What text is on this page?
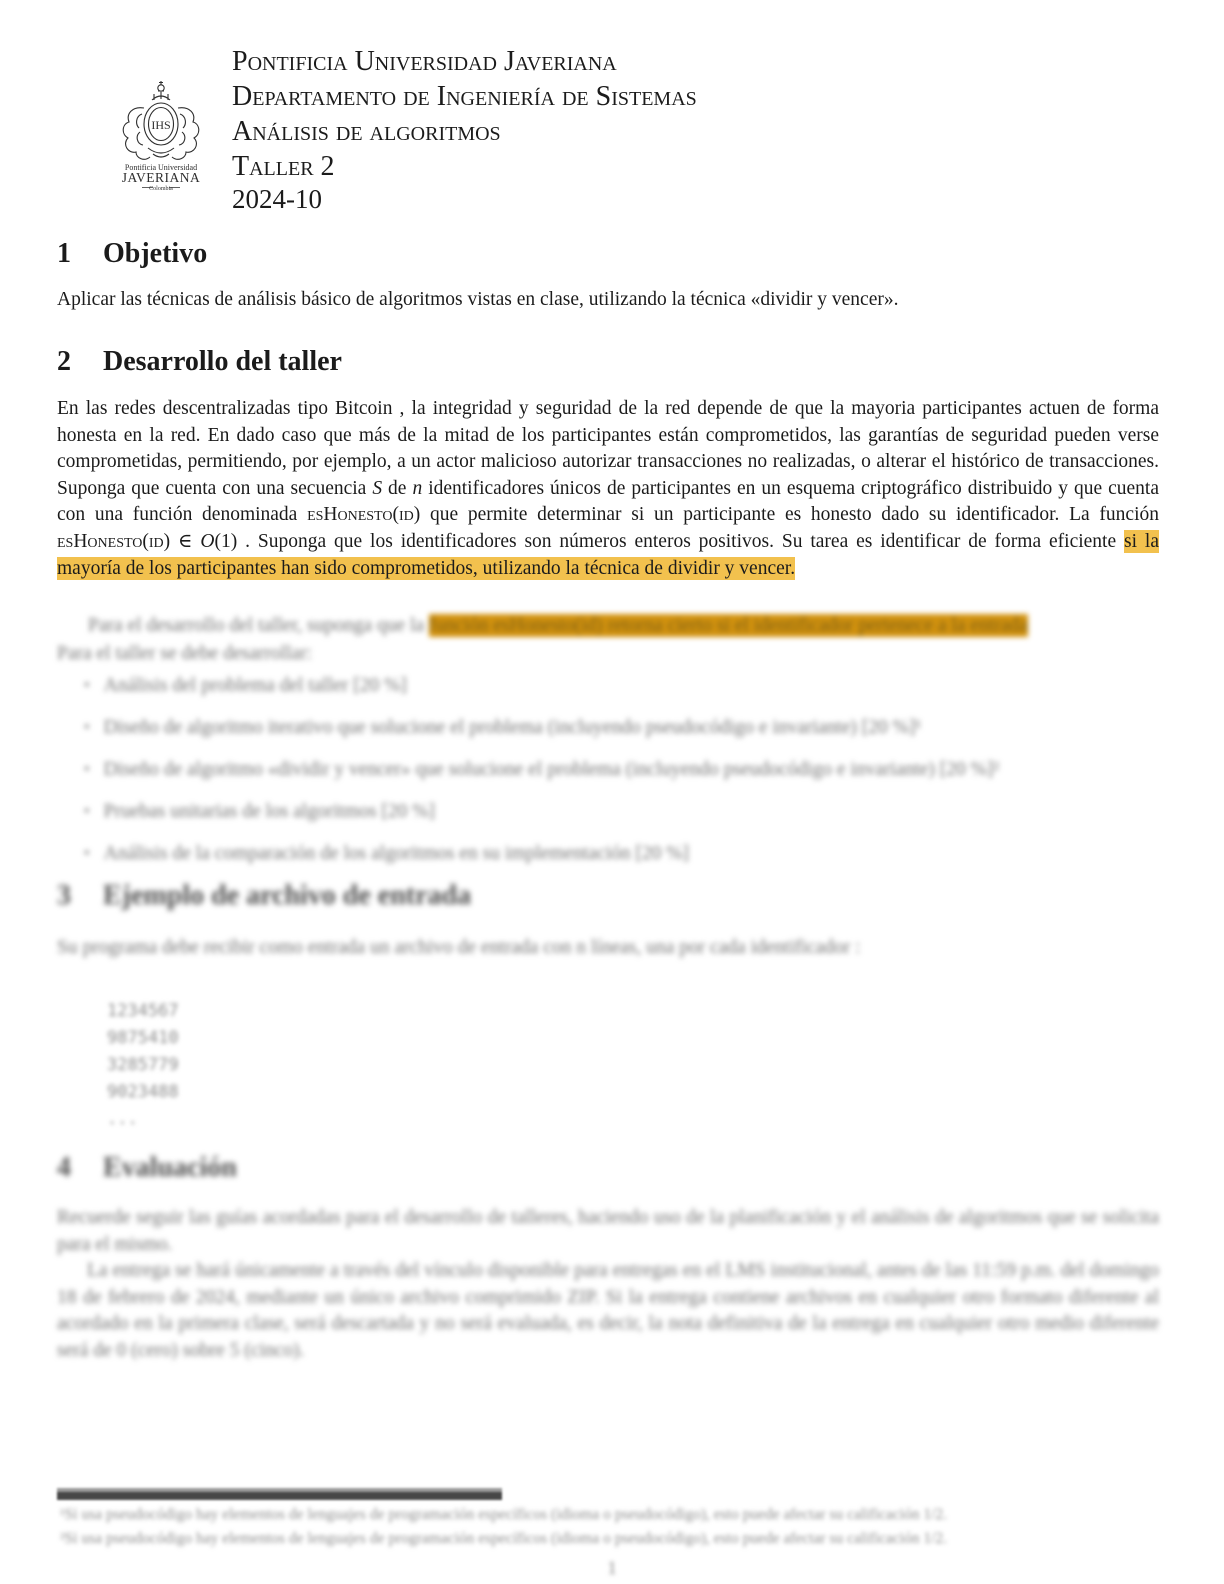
IHS
Pontificia Universidad
JAVERIANA
Colombia
Pontificia Universidad Javeriana
Departamento de Ingeniería de Sistemas
Análisis de algoritmos
Taller 2
2024-10
1 Objetivo
Aplicar las técnicas de análisis básico de algoritmos vistas en clase, utilizando la técnica «dividir y vencer».
2 Desarrollo del taller
En las redes descentralizadas tipo Bitcoin , la integridad y seguridad de la red depende de que la mayoria participantes actuen de forma honesta en la red. En dado caso que más de la mitad de los participantes están comprometidos, las garantías de seguridad pueden verse comprometidas, permitiendo, por ejemplo, a un actor malicioso autorizar transacciones no realizadas, o alterar el histórico de transacciones. Suponga que cuenta con una secuencia S de n identificadores únicos de participantes en un esquema criptográfico distribuido y que cuenta con una función denominada esHonesto(id) que permite determinar si un participante es honesto dado su identificador. La función esHonesto(id) ∈ O(1) . Suponga que los identificadores son números enteros positivos. Su tarea es identificar de forma eficiente si la mayoría de los participantes han sido comprometidos, utilizando la técnica de dividir y vencer.
Para el desarrollo del taller, suponga que la función esHonesto(id) retorna cierto si el identificador pertenece a la entrada
Para el taller se debe desarrollar:
• Análisis del problema del taller [20 %]
• Diseño de algoritmo iterativo que solucione el problema (incluyendo pseudocódigo e invariante) [20 %]¹
• Diseño de algoritmo «dividir y vencer» que solucione el problema (incluyendo pseudocódigo e invariante) [20 %]²
• Pruebas unitarias de los algoritmos [20 %]
• Análisis de la comparación de los algoritmos en su implementación [20 %]
3 Ejemplo de archivo de entrada
Su programa debe recibir como entrada un archivo de entrada con n líneas, una por cada identificador :
1234567
9875410
3285779
9023488
...
4 Evaluación
Recuerde seguir las guías acordadas para el desarrollo de talleres, haciendo uso de la planificación y el análisis de algoritmos que se solicita para el mismo.
La entrega se hará únicamente a través del vínculo disponible para entregas en el LMS institucional, antes de las 11:59 p.m. del domingo 18 de febrero de 2024, mediante un único archivo comprimido ZIP. Si la entrega contiene archivos en cualquier otro formato diferente al acordado en la primera clase, será descartada y no será evaluada, es decir, la nota definitiva de la entrega en cualquier otro medio diferente será de 0 (cero) sobre 5 (cinco).
¹Si usa pseudocódigo hay elementos de lenguajes de programación específicos (idioma o pseudocódigo), esto puede afectar su calificación 1/2.
²Si usa pseudocódigo hay elementos de lenguajes de programación específicos (idioma o pseudocódigo), esto puede afectar su calificación 1/2.
1
